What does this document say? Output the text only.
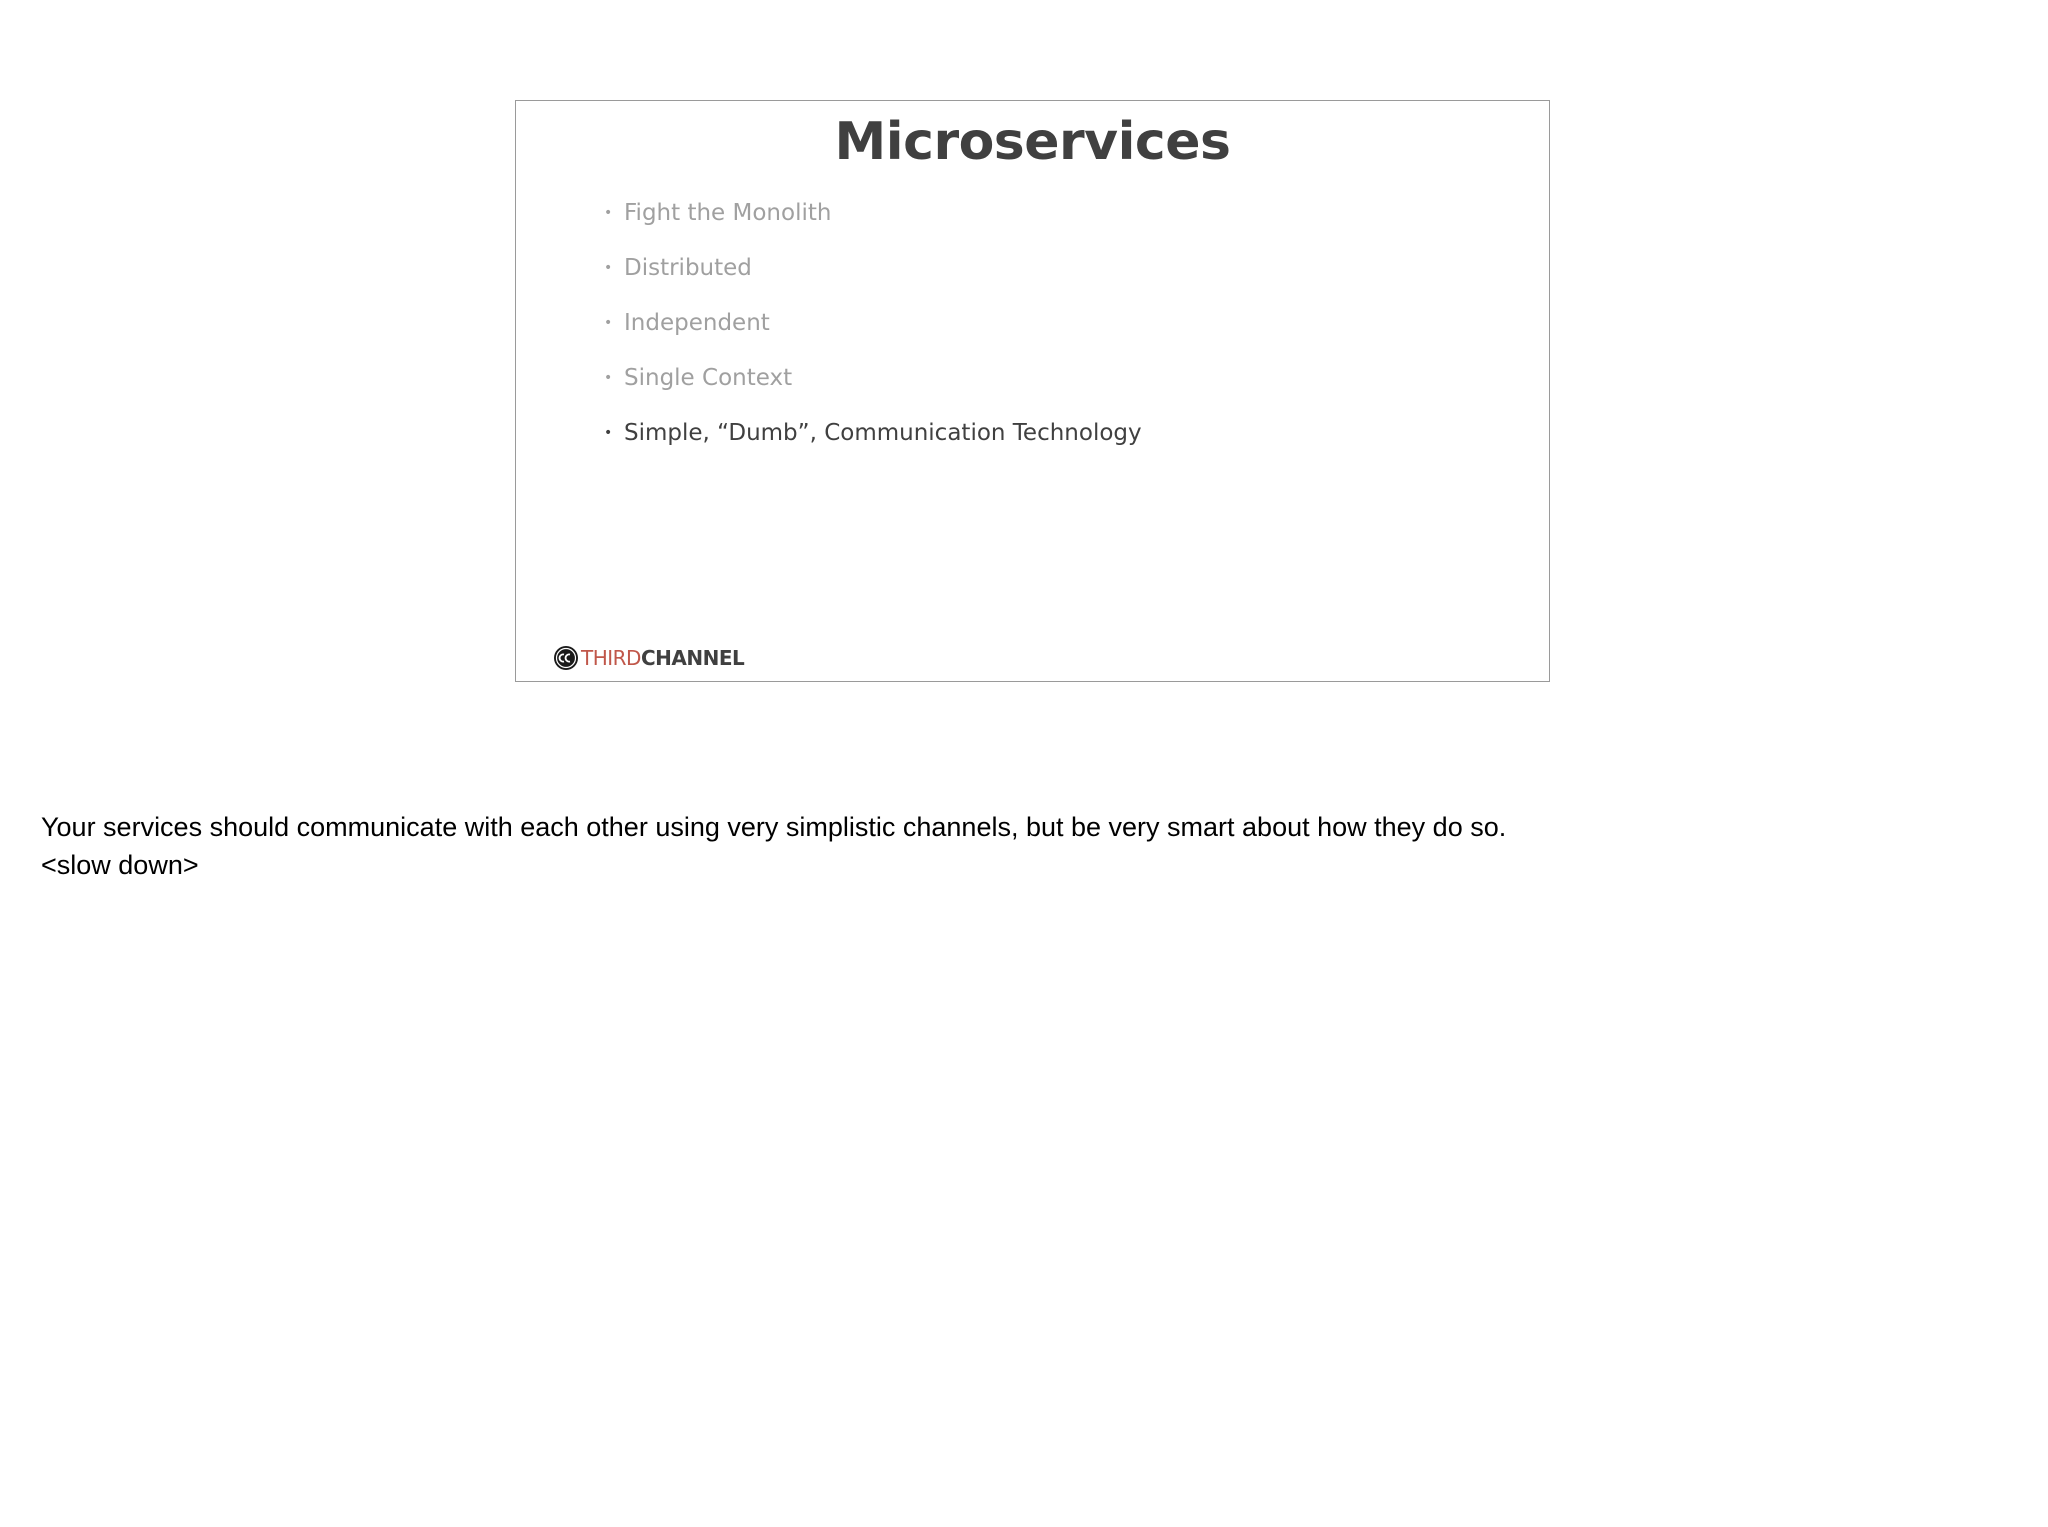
Microservices
• Fight the Monolith
• Distributed
• Independent
• Single Context
• Simple, “Dumb”, Communication Technology
THIRD CHANNEL
Your services should communicate with each other using very simplistic channels, but be very smart about how they do so.
<slow down>
